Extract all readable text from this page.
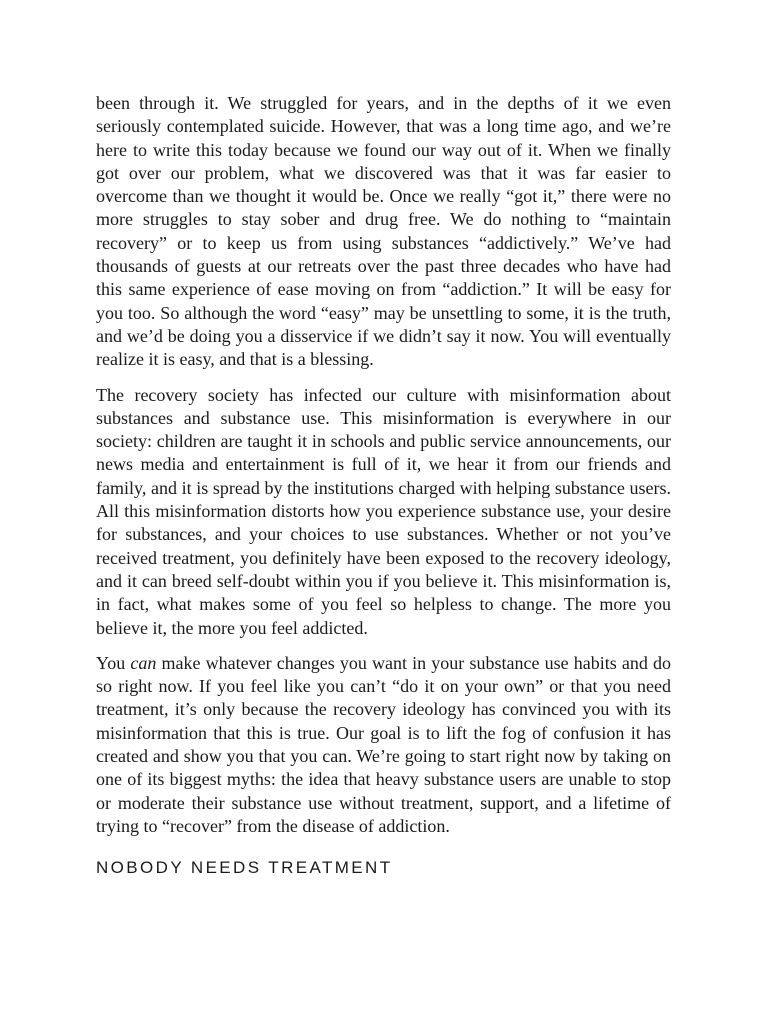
been through it. We struggled for years, and in the depths of it we even seriously contemplated suicide. However, that was a long time ago, and we’re here to write this today because we found our way out of it. When we finally got over our problem, what we discovered was that it was far easier to overcome than we thought it would be. Once we really “got it,” there were no more struggles to stay sober and drug free. We do nothing to “maintain recovery” or to keep us from using substances “addictively.” We’ve had thousands of guests at our retreats over the past three decades who have had this same experience of ease moving on from “addiction.” It will be easy for you too. So although the word “easy” may be unsettling to some, it is the truth, and we’d be doing you a disservice if we didn’t say it now. You will eventually realize it is easy, and that is a blessing.

The recovery society has infected our culture with misinformation about substances and substance use. This misinformation is everywhere in our society: children are taught it in schools and public service announcements, our news media and entertainment is full of it, we hear it from our friends and family, and it is spread by the institutions charged with helping substance users. All this misinformation distorts how you experience substance use, your desire for substances, and your choices to use substances. Whether or not you’ve received treatment, you definitely have been exposed to the recovery ideology, and it can breed self-doubt within you if you believe it. This misinformation is, in fact, what makes some of you feel so helpless to change. The more you believe it, the more you feel addicted.

You can make whatever changes you want in your substance use habits and do so right now. If you feel like you can’t “do it on your own” or that you need treatment, it’s only because the recovery ideology has convinced you with its misinformation that this is true. Our goal is to lift the fog of confusion it has created and show you that you can. We’re going to start right now by taking on one of its biggest myths: the idea that heavy substance users are unable to stop or moderate their substance use without treatment, support, and a lifetime of trying to “recover” from the disease of addiction.

NOBODY NEEDS TREATMENT
